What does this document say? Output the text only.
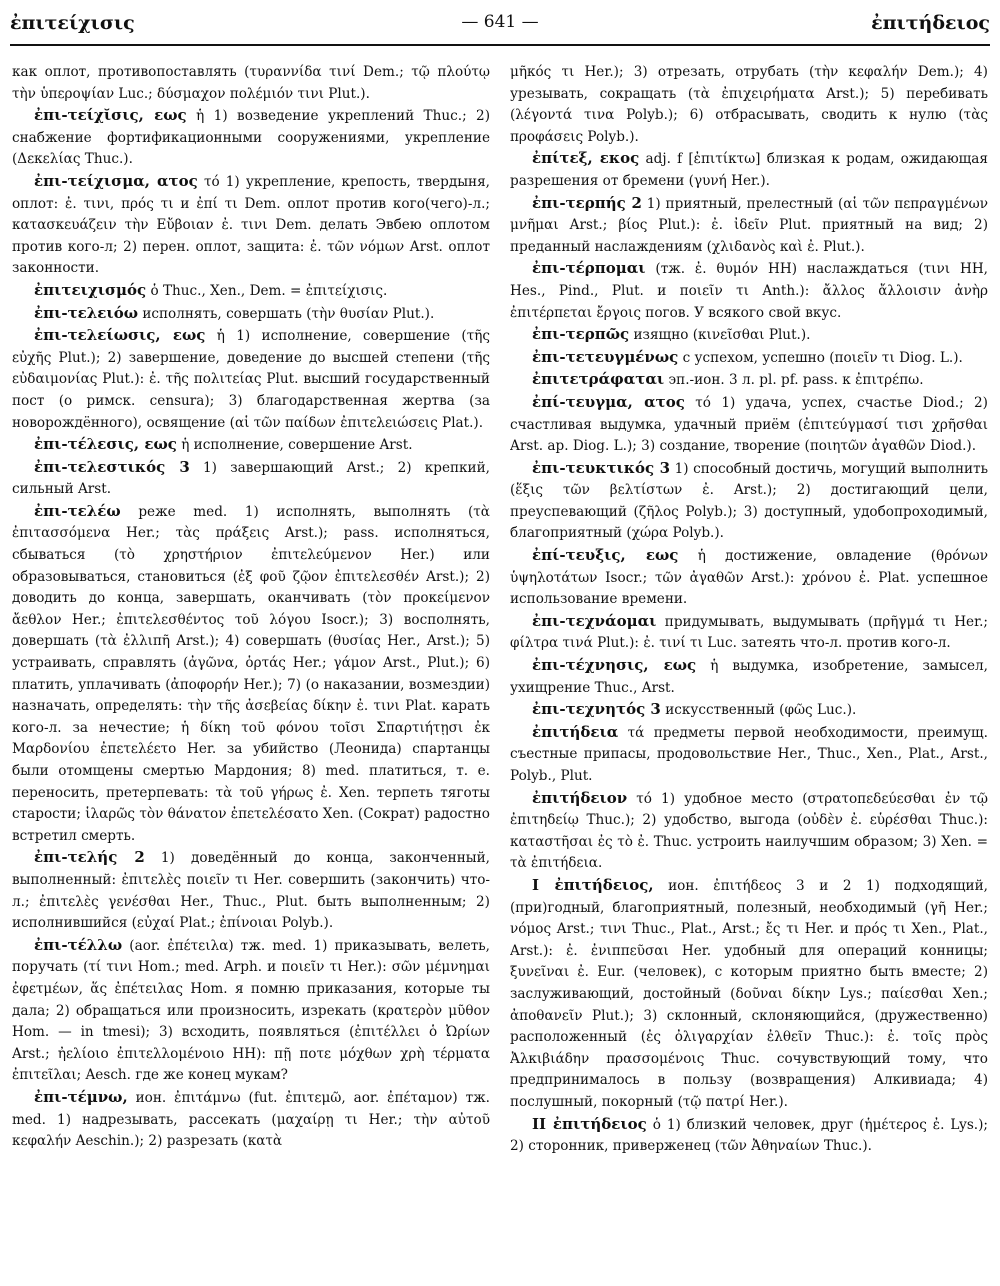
ἐπιτείχισις	— 641 —	ἐπιτήδειος

как оплот, противопоставлять (τυραννίδα τινί Dem.; τῷ πλούτῳ τὴν ὑπεροψίαν Luc.; δύσμαχον πολέμιόν τινι Plut.).

ἐπι-τείχῐσις, εως ἡ 1) возведение укреплений Thuc.; 2) снабжение фортификационными сооружениями, укрепление (Δεκελίας Thuc.).

ἐπι-τείχισμα, ατος τό 1) укрепление, крепость, твердыня, оплот: ἐ. τινι, πρός τι и ἐπί τι Dem. оплот против кого(чего)-л.; κατασκευάζειν τὴν Εὔβοιαν ἐ. τινι Dem. делать Эвбею оплотом против кого-л; 2) перен. оплот, защита: ἐ. τῶν νόμων Arst. оплот законности.

ἐπιτειχισμός ὁ Thuc., Xen., Dem. = ἐπιτείχισις.

ἐπι-τελειόω исполнять, совершать (τὴν θυσίαν Plut.).

ἐπι-τελείωσις, εως ἡ 1) исполнение, совершение (τῆς εὐχῆς Plut.); 2) завершение, доведение до высшей степени (τῆς εὐδαιμονίας Plut.): ἐ. τῆς πολιτείας Plut. высший государственный пост (о римск. censura); 3) благодарственная жертва (за новорождённого), освящение (αἱ τῶν παίδων ἐπιτελειώσεις Plat.).

ἐπι-τέλεσις, εως ἡ исполнение, совершение Arst.

ἐπι-τελεστικός 3 1) завершающий Arst.; 2) крепкий, сильный Arst.

ἐπι-τελέω реже med. 1) исполнять, выполнять (τὰ ἐπιτασσόμενα Her.; τὰς πράξεις Arst.); pass. исполняться, сбываться (τὸ χρηστήριον ἐπιτελεύμενον Her.) или образовываться, становиться (ἐξ φοῦ ζῷον ἐπιτελεσθέν Arst.); 2) доводить до конца, завершать, оканчивать (τὸν προκείμενον ἄεθλον Her.; ἐπιτελεσθέντος τοῦ λόγου Isocr.); 3) восполнять, довершать (τὰ ἐλλιπῆ Arst.); 4) совершать (θυσίας Her., Arst.); 5) устраивать, справлять (ἀγῶνα, ὁρτάς Her.; γάμον Arst., Plut.); 6) платить, уплачивать (ἀποφορήν Her.); 7) (о наказании, возмездии) назначать, определять: τὴν τῆς ἀσεβείας δίκην ἐ. τινι Plat. карать кого-л. за нечестие; ἡ δίκη τοῦ φόνου τοῖσι Σπαρτιήτῃσι ἐκ Μαρδονίου ἐπετελέετο Her. за убийство (Леонида) спартанцы были отомщены смертью Мардония; 8) med. платиться, т. е. переносить, претерпевать: τὰ τοῦ γήρως ἐ. Xen. терпеть тяготы старости; ἱλαρῶς τὸν θάνατον ἐπετελέσατο Xen. (Сократ) радостно встретил смерть.

ἐπι-τελής 2 1) доведённый до конца, законченный, выполненный: ἐπιτελὲς ποιεῖν τι Her. совершить (закончить) что-л.; ἐπιτελὲς γενέσθαι Her., Thuc., Plut. быть выполненным; 2) исполнившийся (εὐχαί Plat.; ἐπίνοιαι Polyb.).

ἐπι-τέλλω (aor. ἐπέτειλα) тж. med. 1) приказывать, велеть, поручать (τί τινι Hom.; med. Arph. и ποιεῖν τι Her.): σῶν μέμνημαι ἐφετμέων, ἅς ἐπέτειλας Hom. я помню приказания, которые ты дала; 2) обращаться или произносить, изрекать (κρατερὸν μῦθον Hom. — in tmesi); 3) всходить, появляться (ἐπιτέλλει ὁ Ὠρίων Arst.; ἠελίοιο ἐπιτελλομένοιο HH): πῇ ποτε μόχθων χρὴ τέρματα ἐπιτεῖλαι; Aesch. где же конец мукам?

ἐπι-τέμνω, ион. ἐπιτάμνω (fut. ἐπιτεμῶ, aor. ἐπέταμον) тж. med. 1) надрезывать, рассекать (μαχαίρῃ τι Her.; τὴν αὐτοῦ κεφαλήν Aeschin.); 2) разрезать (κατὰ

μῆκός τι Her.); 3) отрезать, отрубать (τὴν κεφαλήν Dem.); 4) урезывать, сокращать (τὰ ἐπιχειρήματα Arst.); 5) перебивать (λέγοντά τινα Polyb.); 6) отбрасывать, сводить к нулю (τὰς προφάσεις Polyb.).

ἐπίτεξ, εκος adj. f [ἐπιτίκτω] близкая к родам, ожидающая разрешения от бремени (γυνή Her.).

ἐπι-τερπής 2 1) приятный, прелестный (αἱ τῶν πεπραγμένων μνῆμαι Arst.; βίος Plut.): ἐ. ἰδεῖν Plut. приятный на вид; 2) преданный наслаждениям (χλιδανὸς καὶ ἐ. Plut.).

ἐπι-τέρπομαι (тж. ἐ. θυμόν HH) наслаждаться (τινι HH, Hes., Pind., Plut. и ποιεῖν τι Anth.): ἄλλος ἄλλοισιν ἀνὴρ ἐπιτέρπεται ἔργοις погов. У всякого свой вкус.

ἐπι-τερπῶς изящно (κινεῖσθαι Plut.).

ἐπι-τετευγμένως с успехом, успешно (ποιεῖν τι Diog. L.).

ἐπιτετράφαται эп.-ион. 3 л. pl. pf. pass. к ἐπιτρέπω.

ἐπί-τευγμα, ατος τό 1) удача, успех, счастье Diod.; 2) счастливая выдумка, удачный приём (ἐπιτεύγμασί τισι χρῆσθαι Arst. ap. Diog. L.); 3) создание, творение (ποιητῶν ἀγαθῶν Diod.).

ἐπι-τευκτικός 3 1) способный достичь, могущий выполнить (ἕξις τῶν βελτίστων ἐ. Arst.); 2) достигающий цели, преуспевающий (ζῆλος Polyb.); 3) доступный, удобопроходимый, благоприятный (χώρα Polyb.).

ἐπί-τευξις, εως ἡ достижение, овладение (θρόνων ὑψηλοτάτων Isocr.; τῶν ἀγαθῶν Arst.): χρόνου ἐ. Plat. успешное использование времени.

ἐπι-τεχνάομαι придумывать, выдумывать (πρῆγμά τι Her.; φίλτρα τινά Plut.): ἐ. τινί τι Luc. затеять что-л. против кого-л.

ἐπι-τέχνησις, εως ἡ выдумка, изобретение, замысел, ухищрение Thuc., Arst.

ἐπι-τεχνητός 3 искусственный (φῶς Luc.).

ἐπιτήδεια τά предметы первой необходимости, преимущ. съестные припасы, продовольствие Her., Thuc., Xen., Plat., Arst., Polyb., Plut.

ἐπιτήδειον τό 1) удобное место (στρατοπεδεύεσθαι ἐν τῷ ἐπιτηδείῳ Thuc.); 2) удобство, выгода (οὐδὲν ἐ. εὑρέσθαι Thuc.): καταστῆσαι ἐς τὸ ἐ. Thuc. устроить наилучшим образом; 3) Xen. = τὰ ἐπιτήδεια.

I ἐπιτήδειος, ион. ἐπιτήδεος 3 и 2 1) подходящий, (при)годный, благоприятный, полезный, необходимый (γῆ Her.; νόμος Arst.; τινι Thuc., Plat., Arst.; ἔς τι Her. и πρός τι Xen., Plat., Arst.): ἐ. ἐνιππεῦσαι Her. удобный для операций конницы; ξυνεῖναι ἐ. Eur. (человек), с которым приятно быть вместе; 2) заслуживающий, достойный (δοῦναι δίκην Lys.; παίεσθαι Xen.; ἀποθανεῖν Plut.); 3) склонный, склоняющийся, (дружественно) расположенный (ἐς ὀλιγαρχίαν ἐλθεῖν Thuc.): ἐ. τοῖς πρὸς Ἀλκιβιάδην πρασσομένοις Thuc. сочувствующий тому, что предпринималось в пользу (возвращения) Алкивиада; 4) послушный, покорный (τῷ πατρί Her.).

II ἐπιτήδειος ὁ 1) близкий человек, друг (ἡμέτερος ἐ. Lys.); 2) сторонник, приверженец (τῶν Ἀθηναίων Thuc.).
